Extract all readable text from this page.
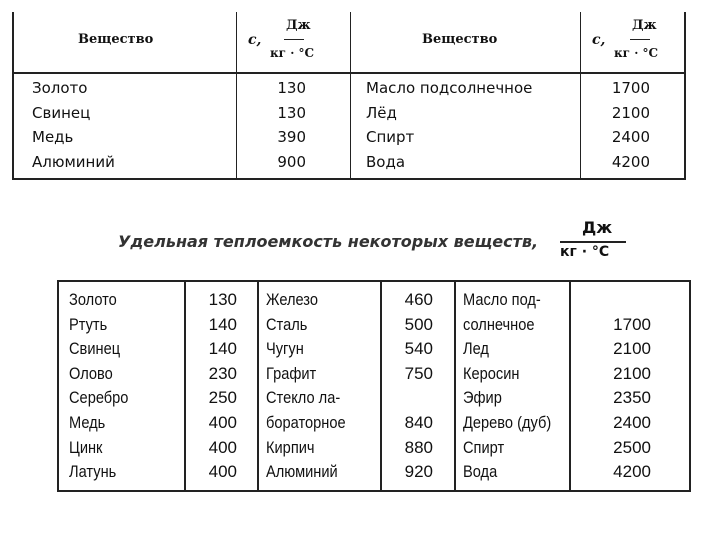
Вещество	c,
Дж
кг · °С
Вещество	c,
Дж
кг · °С
Золото
Свинец
Медь
Алюминий
130
130
390
900
Масло подсолнечное
Лёд
Спирт
Вода
1700
2100
2400
4200
Удельная теплоемкость некоторых веществ,
Дж
кг · °С
Золото
Ртуть
Свинец
Олово
Серебро
Медь
Цинк
Латунь
130
140
140
230
250
400
400
400
Железо
Сталь
Чугун
Графит
Стекло ла-
бораторное
Кирпич
Алюминий
460
500
540
750
840
880
920
Масло под-
солнечное
Лед
Керосин
Эфир
Дерево (дуб)
Спирт
Вода
1700
2100
2100
2350
2400
2500
4200
